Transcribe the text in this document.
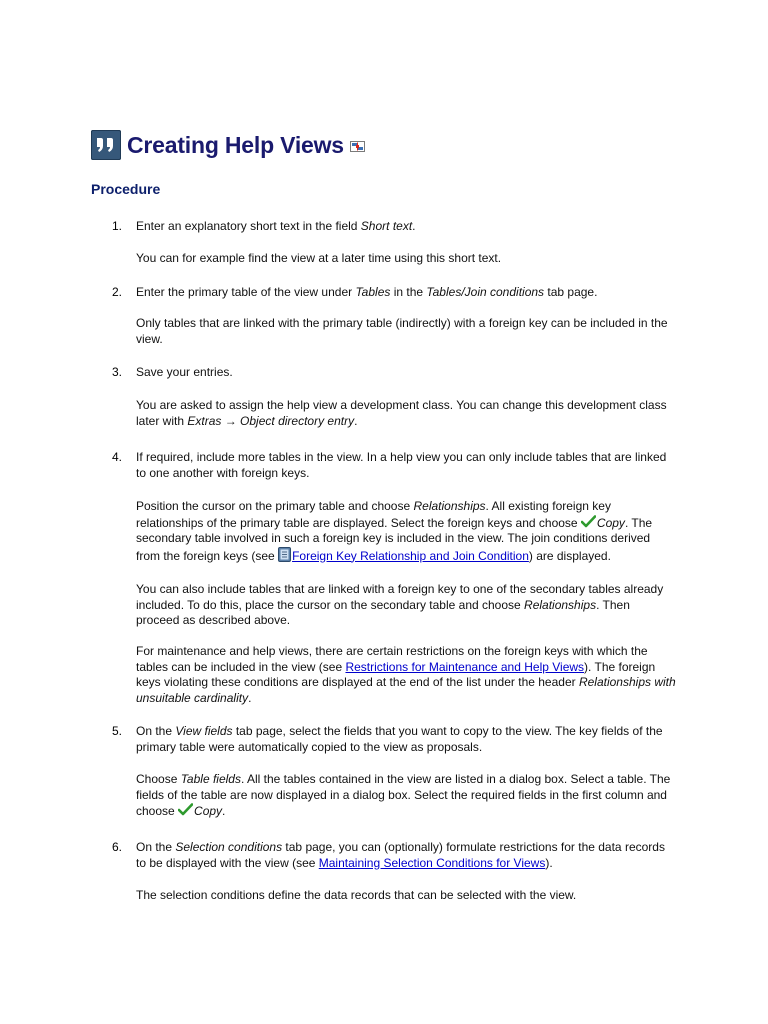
Creating Help Views
Procedure
1. Enter an explanatory short text in the field Short text.
You can for example find the view at a later time using this short text.
2. Enter the primary table of the view under Tables in the Tables/Join conditions tab page.
Only tables that are linked with the primary table (indirectly) with a foreign key can be included in the view.
3. Save your entries.
You are asked to assign the help view a development class. You can change this development class later with Extras → Object directory entry.
4. If required, include more tables in the view. In a help view you can only include tables that are linked to one another with foreign keys.
Position the cursor on the primary table and choose Relationships. All existing foreign key relationships of the primary table are displayed. Select the foreign keys and choose Copy. The secondary table involved in such a foreign key is included in the view. The join conditions derived from the foreign keys (see Foreign Key Relationship and Join Condition) are displayed.
You can also include tables that are linked with a foreign key to one of the secondary tables already included. To do this, place the cursor on the secondary table and choose Relationships. Then proceed as described above.
For maintenance and help views, there are certain restrictions on the foreign keys with which the tables can be included in the view (see Restrictions for Maintenance and Help Views). The foreign keys violating these conditions are displayed at the end of the list under the header Relationships with unsuitable cardinality.
5. On the View fields tab page, select the fields that you want to copy to the view. The key fields of the primary table were automatically copied to the view as proposals.
Choose Table fields. All the tables contained in the view are listed in a dialog box. Select a table. The fields of the table are now displayed in a dialog box. Select the required fields in the first column and choose Copy.
6. On the Selection conditions tab page, you can (optionally) formulate restrictions for the data records to be displayed with the view (see Maintaining Selection Conditions for Views).
The selection conditions define the data records that can be selected with the view.
